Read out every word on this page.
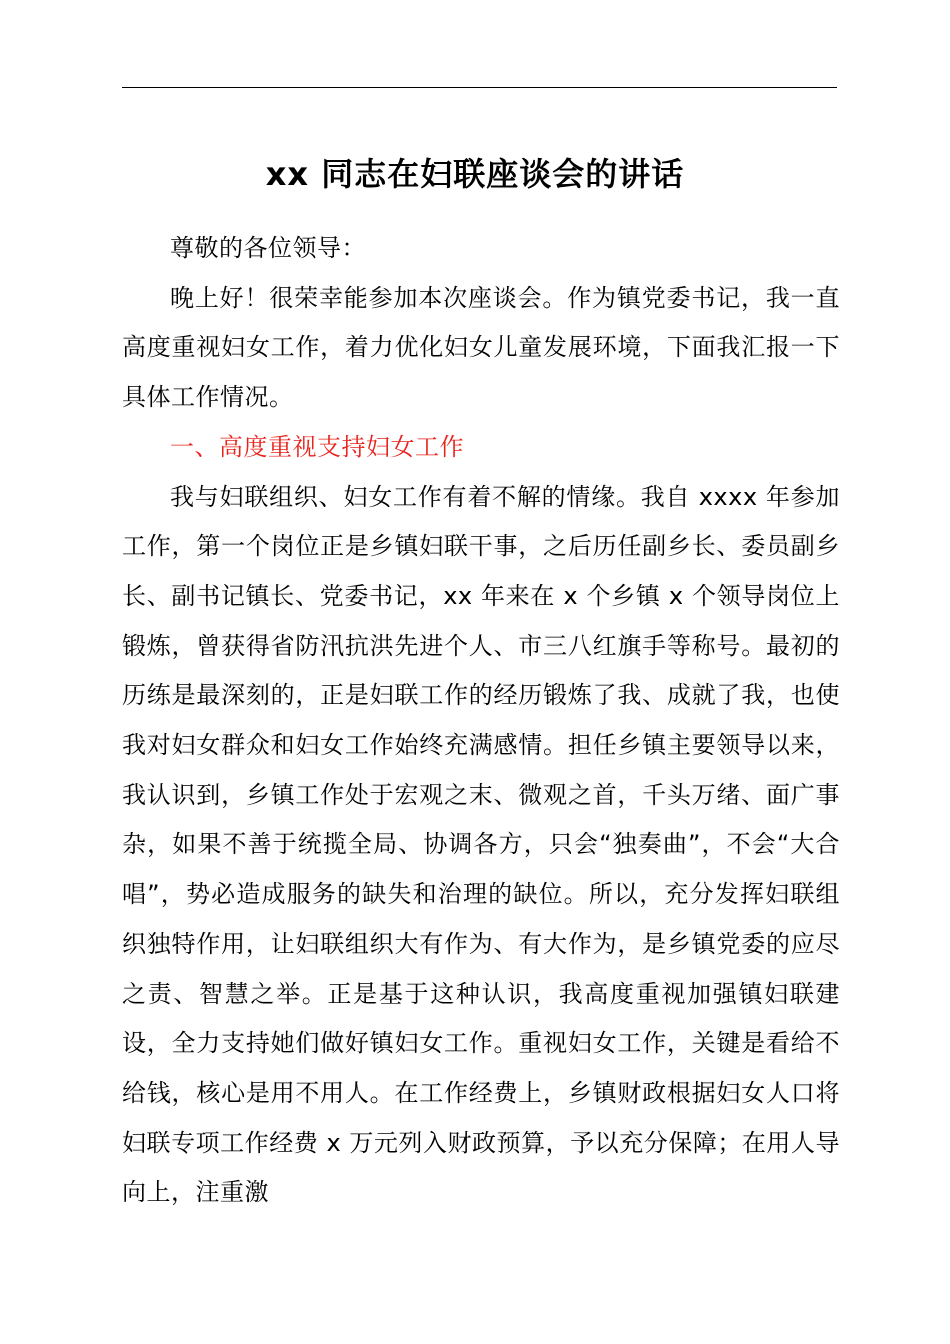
xx 同志在妇联座谈会的讲话

尊敬的各位领导：

晚上好！很荣幸能参加本次座谈会。作为镇党委书记，我一直高度重视妇女工作，着力优化妇女儿童发展环境，下面我汇报一下具体工作情况。

一、高度重视支持妇女工作

我与妇联组织、妇女工作有着不解的情缘。我自 xxxx 年参加工作，第一个岗位正是乡镇妇联干事，之后历任副乡长、委员副乡长、副书记镇长、党委书记，xx 年来在 x 个乡镇 x 个领导岗位上锻炼，曾获得省防汛抗洪先进个人、市三八红旗手等称号。最初的历练是最深刻的，正是妇联工作的经历锻炼了我、成就了我，也使我对妇女群众和妇女工作始终充满感情。担任乡镇主要领导以来，我认识到，乡镇工作处于宏观之末、微观之首，千头万绪、面广事杂，如果不善于统揽全局、协调各方，只会“独奏曲”，不会“大合唱”，势必造成服务的缺失和治理的缺位。所以，充分发挥妇联组织独特作用，让妇联组织大有作为、有大作为，是乡镇党委的应尽之责、智慧之举。正是基于这种认识，我高度重视加强镇妇联建设，全力支持她们做好镇妇女工作。重视妇女工作，关键是看给不给钱，核心是用不用人。在工作经费上，乡镇财政根据妇女人口将妇联专项工作经费 x 万元列入财政预算，予以充分保障；在用人导向上，注重激
